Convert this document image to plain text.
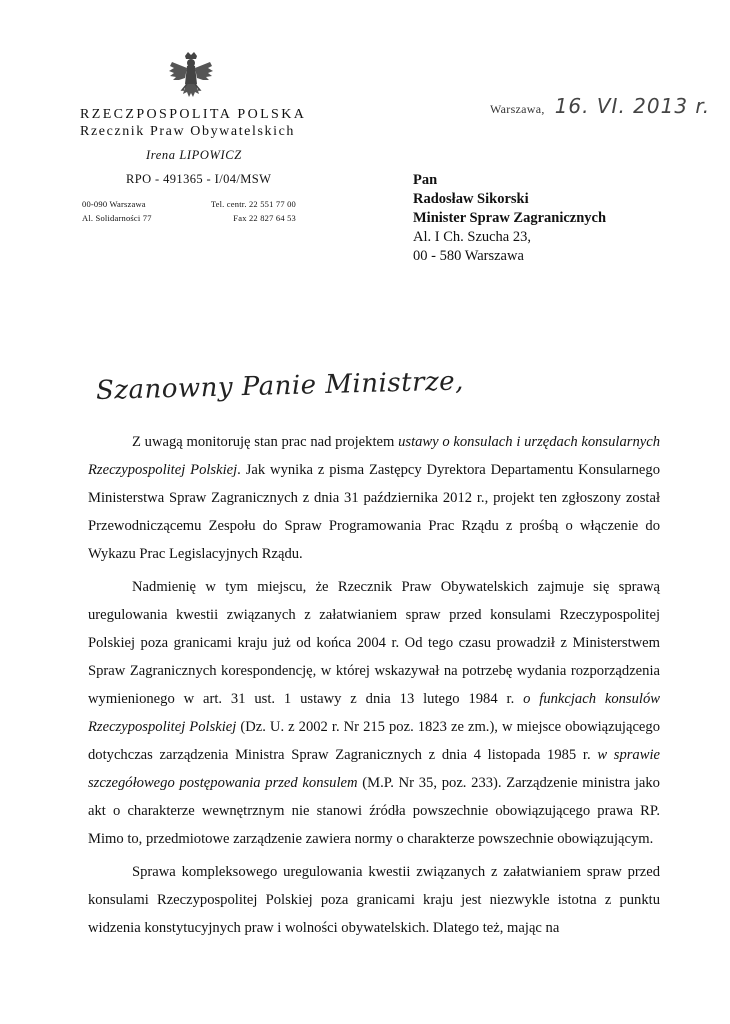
RZECZPOSPOLITA POLSKA
Rzecznik Praw Obywatelskich
Irena LIPOWICZ
RPO - 491365 - I/04/MSW
00-090 Warszawa
Al. Solidarności 77
Tel. centr. 22 551 77 00
Fax 22 827 64 53
Warszawa, 16. VI. 2013 r.
Pan
Radosław Sikorski
Minister Spraw Zagranicznych
Al. I Ch. Szucha 23,
00 - 580 Warszawa
Szanowny Panie Ministrze,

Z uwagą monitoruję stan prac nad projektem ustawy o konsulach i urzędach konsularnych Rzeczypospolitej Polskiej. Jak wynika z pisma Zastępcy Dyrektora Departamentu Konsularnego Ministerstwa Spraw Zagranicznych z dnia 31 października 2012 r., projekt ten zgłoszony został Przewodniczącemu Zespołu do Spraw Programowania Prac Rządu z prośbą o włączenie do Wykazu Prac Legislacyjnych Rządu.

Nadmienię w tym miejscu, że Rzecznik Praw Obywatelskich zajmuje się sprawą uregulowania kwestii związanych z załatwianiem spraw przed konsulami Rzeczypospolitej Polskiej poza granicami kraju już od końca 2004 r. Od tego czasu prowadził z Ministerstwem Spraw Zagranicznych korespondencję, w której wskazywał na potrzebę wydania rozporządzenia wymienionego w art. 31 ust. 1 ustawy z dnia 13 lutego 1984 r. o funkcjach konsulów Rzeczypospolitej Polskiej (Dz. U. z 2002 r. Nr 215 poz. 1823 ze zm.), w miejsce obowiązującego dotychczas zarządzenia Ministra Spraw Zagranicznych z dnia 4 listopada 1985 r. w sprawie szczegółowego postępowania przed konsulem (M.P. Nr 35, poz. 233). Zarządzenie ministra jako akt o charakterze wewnętrznym nie stanowi źródła powszechnie obowiązującego prawa RP. Mimo to, przedmiotowe zarządzenie zawiera normy o charakterze powszechnie obowiązującym.

Sprawa kompleksowego uregulowania kwestii związanych z załatwianiem spraw przed konsulami Rzeczypospolitej Polskiej poza granicami kraju jest niezwykle istotna z punktu widzenia konstytucyjnych praw i wolności obywatelskich. Dlatego też, mając na
